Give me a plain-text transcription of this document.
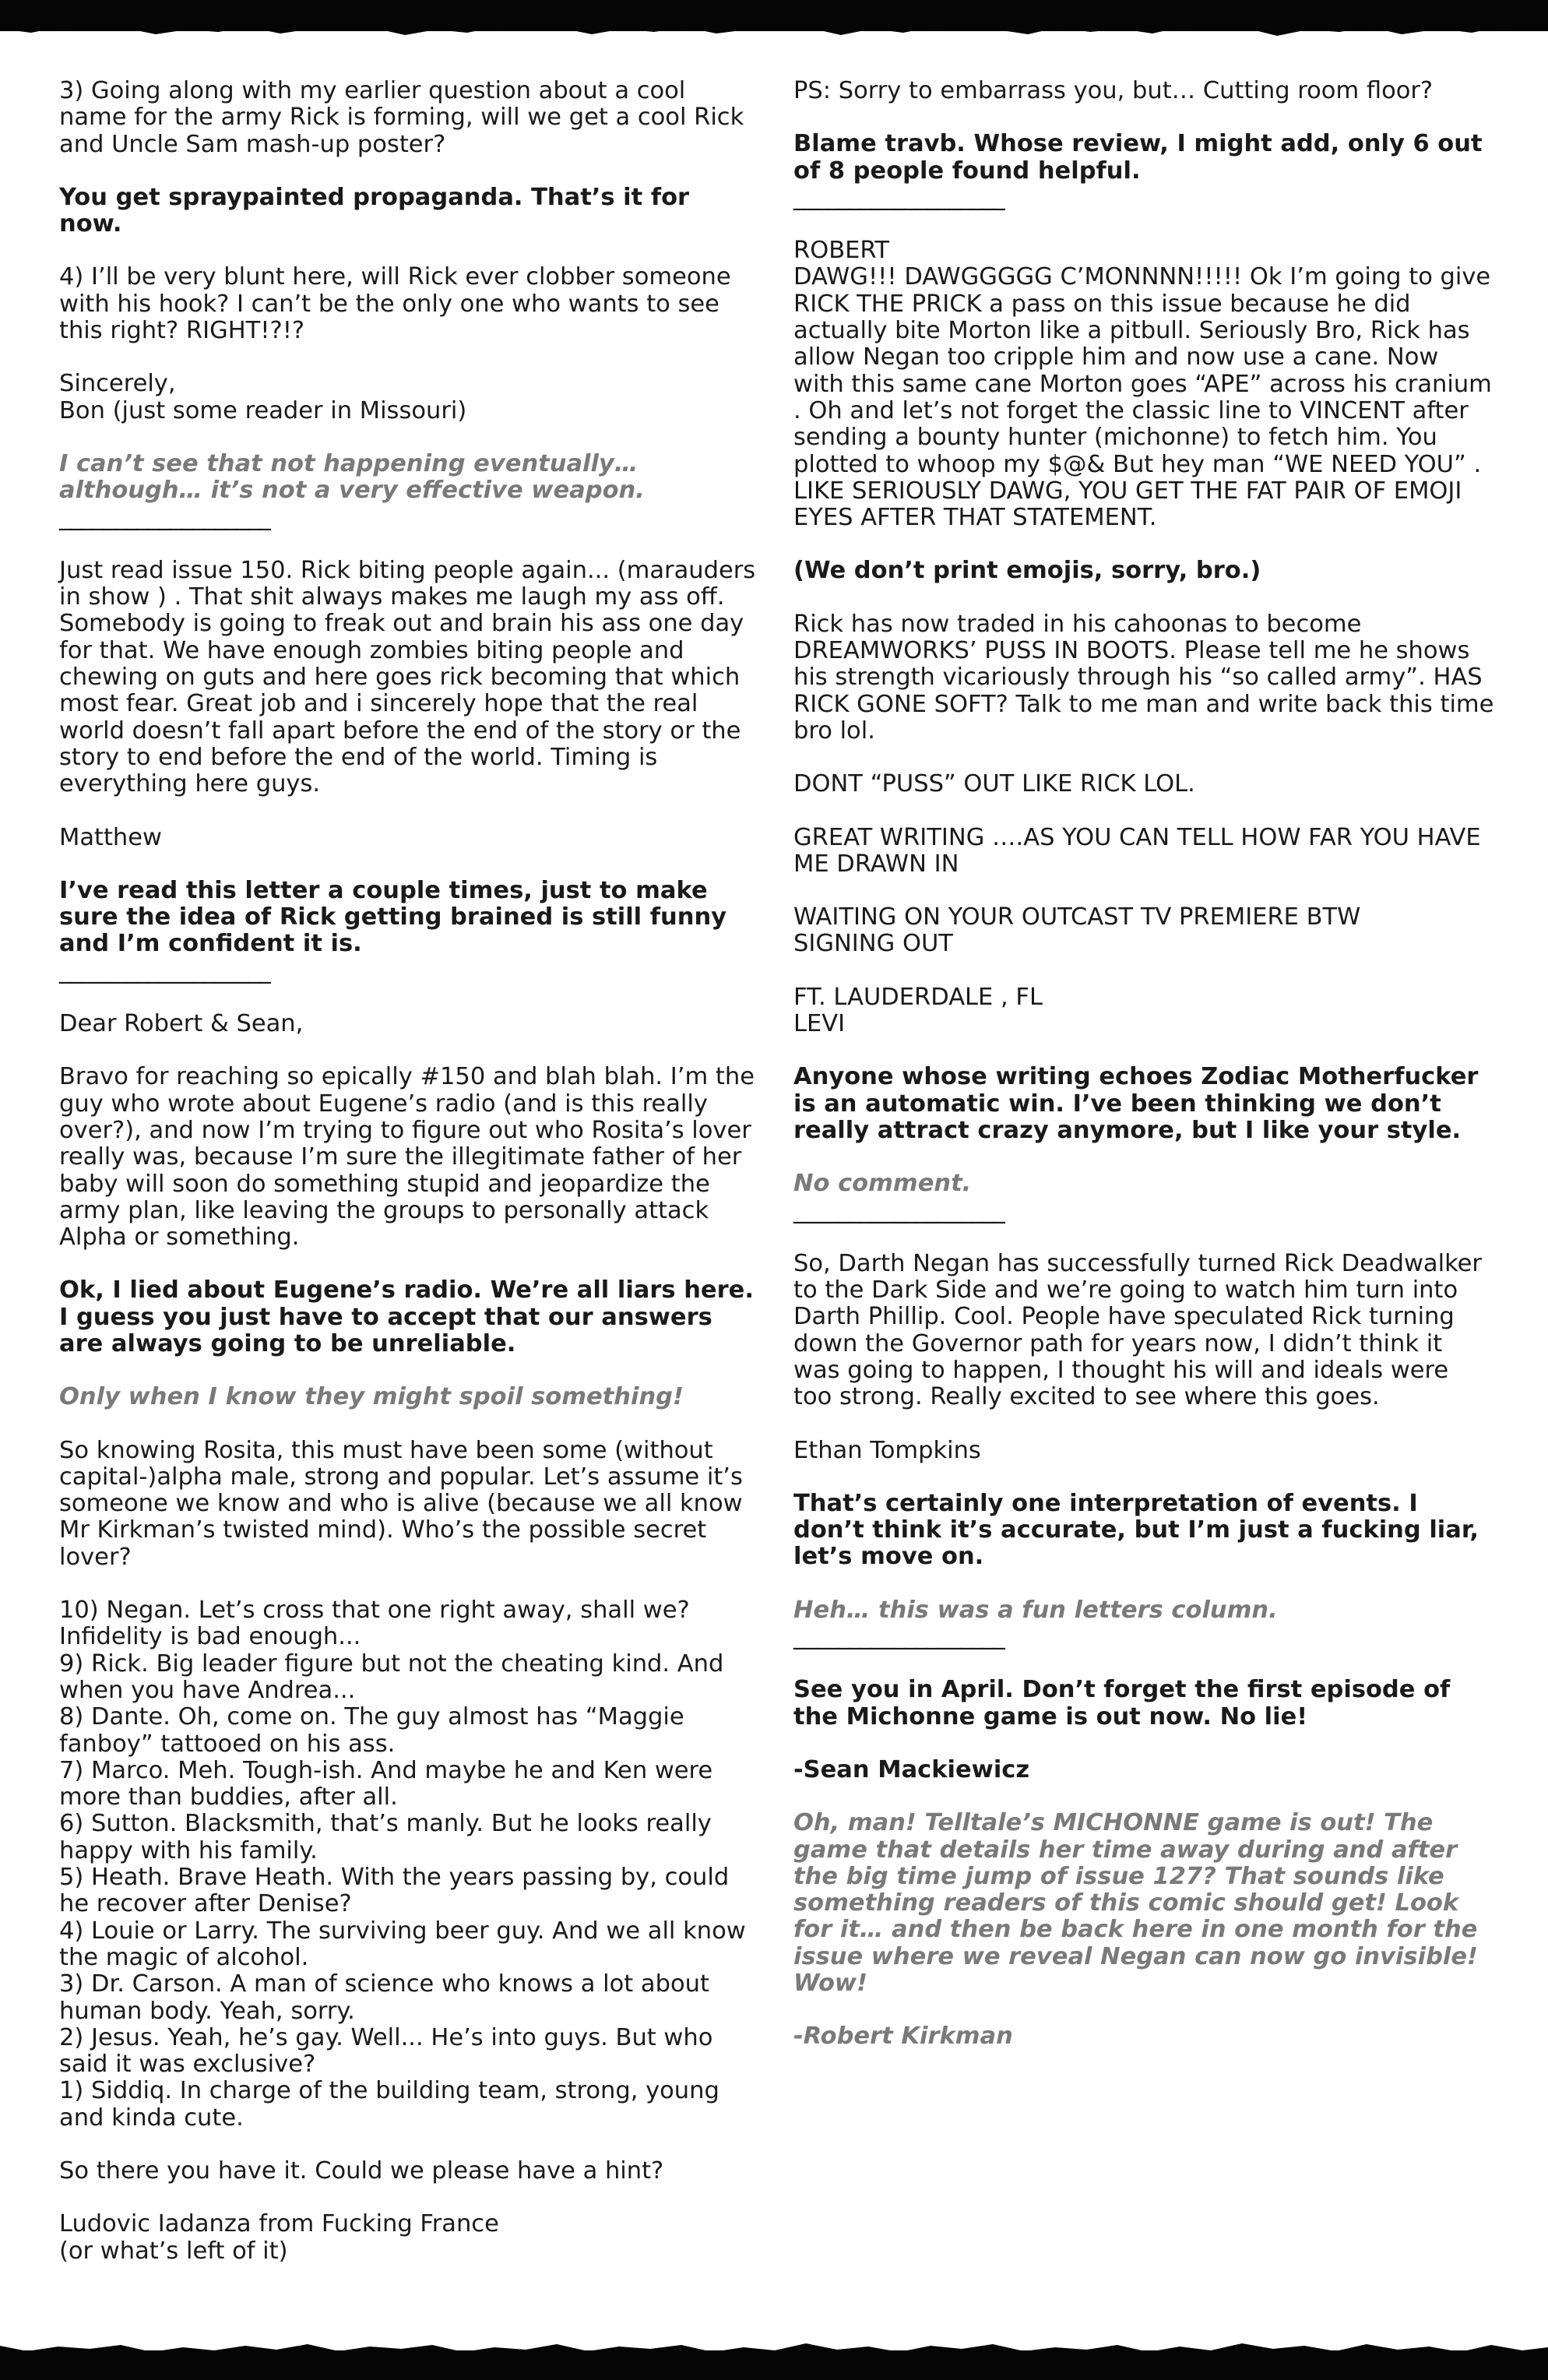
3) Going along with my earlier question about a cool name for the army Rick is forming, will we get a cool Rick and Uncle Sam mash-up poster?

You get spraypainted propaganda. That’s it for now.

4) I’ll be very blunt here, will Rick ever clobber someone with his hook? I can’t be the only one who wants to see this right? RIGHT!?!?

Sincerely,
Bon (just some reader in Missouri)

I can’t see that not happening eventually… although… it’s not a very effective weapon.

___________________

Just read issue 150. Rick biting people again... (marauders in show ) . That shit always makes me laugh my ass off. Somebody is going to freak out and brain his ass one day for that. We have enough zombies biting people and chewing on guts and here goes rick becoming that which most fear. Great job and i sincerely hope that the real world doesn’t fall apart before the end of the story or the story to end before the end of the world. Timing is everything here guys.

Matthew

I’ve read this letter a couple times, just to make sure the idea of Rick getting brained is still funny and I’m confident it is.

___________________

Dear Robert & Sean,

Bravo for reaching so epically #150 and blah blah. I’m the guy who wrote about Eugene’s radio (and is this really over?), and now I’m trying to figure out who Rosita’s lover really was, because I’m sure the illegitimate father of her baby will soon do something stupid and jeopardize the army plan, like leaving the groups to personally attack Alpha or something.

Ok, I lied about Eugene’s radio. We’re all liars here. I guess you just have to accept that our answers are always going to be unreliable.

Only when I know they might spoil something!

So knowing Rosita, this must have been some (without capital-)alpha male, strong and popular. Let’s assume it’s someone we know and who is alive (because we all know Mr Kirkman’s twisted mind). Who’s the possible secret lover?

10) Negan. Let’s cross that one right away, shall we? Infidelity is bad enough...
9) Rick. Big leader figure but not the cheating kind. And when you have Andrea...
8) Dante. Oh, come on. The guy almost has “Maggie fanboy” tattooed on his ass.
7) Marco. Meh. Tough-ish. And maybe he and Ken were more than buddies, after all.
6) Sutton. Blacksmith, that’s manly. But he looks really happy with his family.
5) Heath. Brave Heath. With the years passing by, could he recover after Denise?
4) Louie or Larry. The surviving beer guy. And we all know the magic of alcohol.
3) Dr. Carson. A man of science who knows a lot about human body. Yeah, sorry.
2) Jesus. Yeah, he’s gay. Well... He’s into guys. But who said it was exclusive?
1) Siddiq. In charge of the building team, strong, young and kinda cute.

So there you have it. Could we please have a hint?

Ludovic Iadanza from Fucking France
(or what’s left of it)

PS: Sorry to embarrass you, but… Cutting room floor?

Blame travb. Whose review, I might add, only 6 out of 8 people found helpful.

___________________

ROBERT
DAWG!!! DAWGGGGG C’MONNNN!!!!! Ok I’m going to give RICK THE PRICK a pass on this issue because he did actually bite Morton like a pitbull. Seriously Bro, Rick has allow Negan too cripple him and now use a cane. Now with this same cane Morton goes “APE” across his cranium . Oh and let’s not forget the classic line to VINCENT after sending a bounty hunter (michonne) to fetch him. You plotted to whoop my $@& But hey man “WE NEED YOU” . LIKE SERIOUSLY DAWG, YOU GET THE FAT PAIR OF EMOJI EYES AFTER THAT STATEMENT.

(We don’t print emojis, sorry, bro.)

Rick has now traded in his cahoonas to become DREAMWORKS’ PUSS IN BOOTS. Please tell me he shows his strength vicariously through his “so called army”. HAS RICK GONE SOFT? Talk to me man and write back this time bro lol.

DONT “PUSS” OUT LIKE RICK LOL.

GREAT WRITING ….AS YOU CAN TELL HOW FAR YOU HAVE ME DRAWN IN

WAITING ON YOUR OUTCAST TV PREMIERE BTW
SIGNING OUT

FT. LAUDERDALE , FL
LEVI

Anyone whose writing echoes Zodiac Motherfucker is an automatic win. I’ve been thinking we don’t really attract crazy anymore, but I like your style.

No comment.

___________________

So, Darth Negan has successfully turned Rick Deadwalker to the Dark Side and we’re going to watch him turn into Darth Phillip. Cool. People have speculated Rick turning down the Governor path for years now, I didn’t think it was going to happen, I thought his will and ideals were too strong. Really excited to see where this goes.

Ethan Tompkins

That’s certainly one interpretation of events. I don’t think it’s accurate, but I’m just a fucking liar, let’s move on.

Heh… this was a fun letters column.

___________________

See you in April. Don’t forget the first episode of the Michonne game is out now. No lie!

-Sean Mackiewicz

Oh, man! Telltale’s MICHONNE game is out! The game that details her time away during and after the big time jump of issue 127? That sounds like something readers of this comic should get! Look for it… and then be back here in one month for the issue where we reveal Negan can now go invisible! Wow!

-Robert Kirkman
